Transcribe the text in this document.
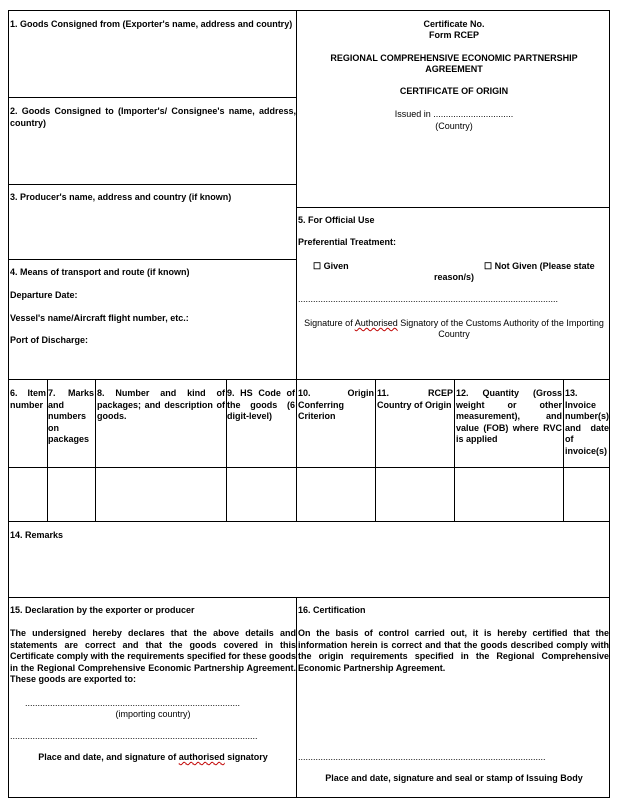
1. Goods Consigned from (Exporter's name, address and country)
2. Goods Consigned to (Importer's/ Consignee's name, address, country)
3. Producer's name, address and country (if known)
4. Means of transport and route (if known)
Departure Date:
Vessel's name/Aircraft flight number, etc.:
Port of Discharge:
Certificate No.
Form RCEP
REGIONAL COMPREHENSIVE ECONOMIC PARTNERSHIP
AGREEMENT
CERTIFICATE OF ORIGIN
Issued in ................................
(Country)
5. For Official Use
Preferential Treatment:
☐ Given	☐ Not Given (Please state
reason/s)
........................................................................................................
Signature of Authorised Signatory of the Customs Authority of the Importing
Country
6. Item number
7. Marks and numbers on packages
8. Number and kind of packages; and description of goods.
9. HS Code of the goods (6 digit-level)
10. Origin Conferring Criterion
11. RCEP Country of Origin
12. Quantity (Gross weight or other measurement), and value (FOB) where RVC is applied
13. Invoice number(s) and date of invoice(s)
14. Remarks
15. Declaration by the exporter or producer
The undersigned hereby declares that the above details and statements are correct and that the goods covered in this Certificate comply with the requirements specified for these goods in the Regional Comprehensive Economic Partnership Agreement. These goods are exported to:
......................................................................................
(importing country)
...................................................................................................
Place and date, and signature of authorised signatory
16. Certification
On the basis of control carried out, it is hereby certified that the information herein is correct and that the goods described comply with the origin requirements specified in the Regional Comprehensive Economic Partnership Agreement.
...................................................................................................
Place and date, signature and seal or stamp of Issuing Body
